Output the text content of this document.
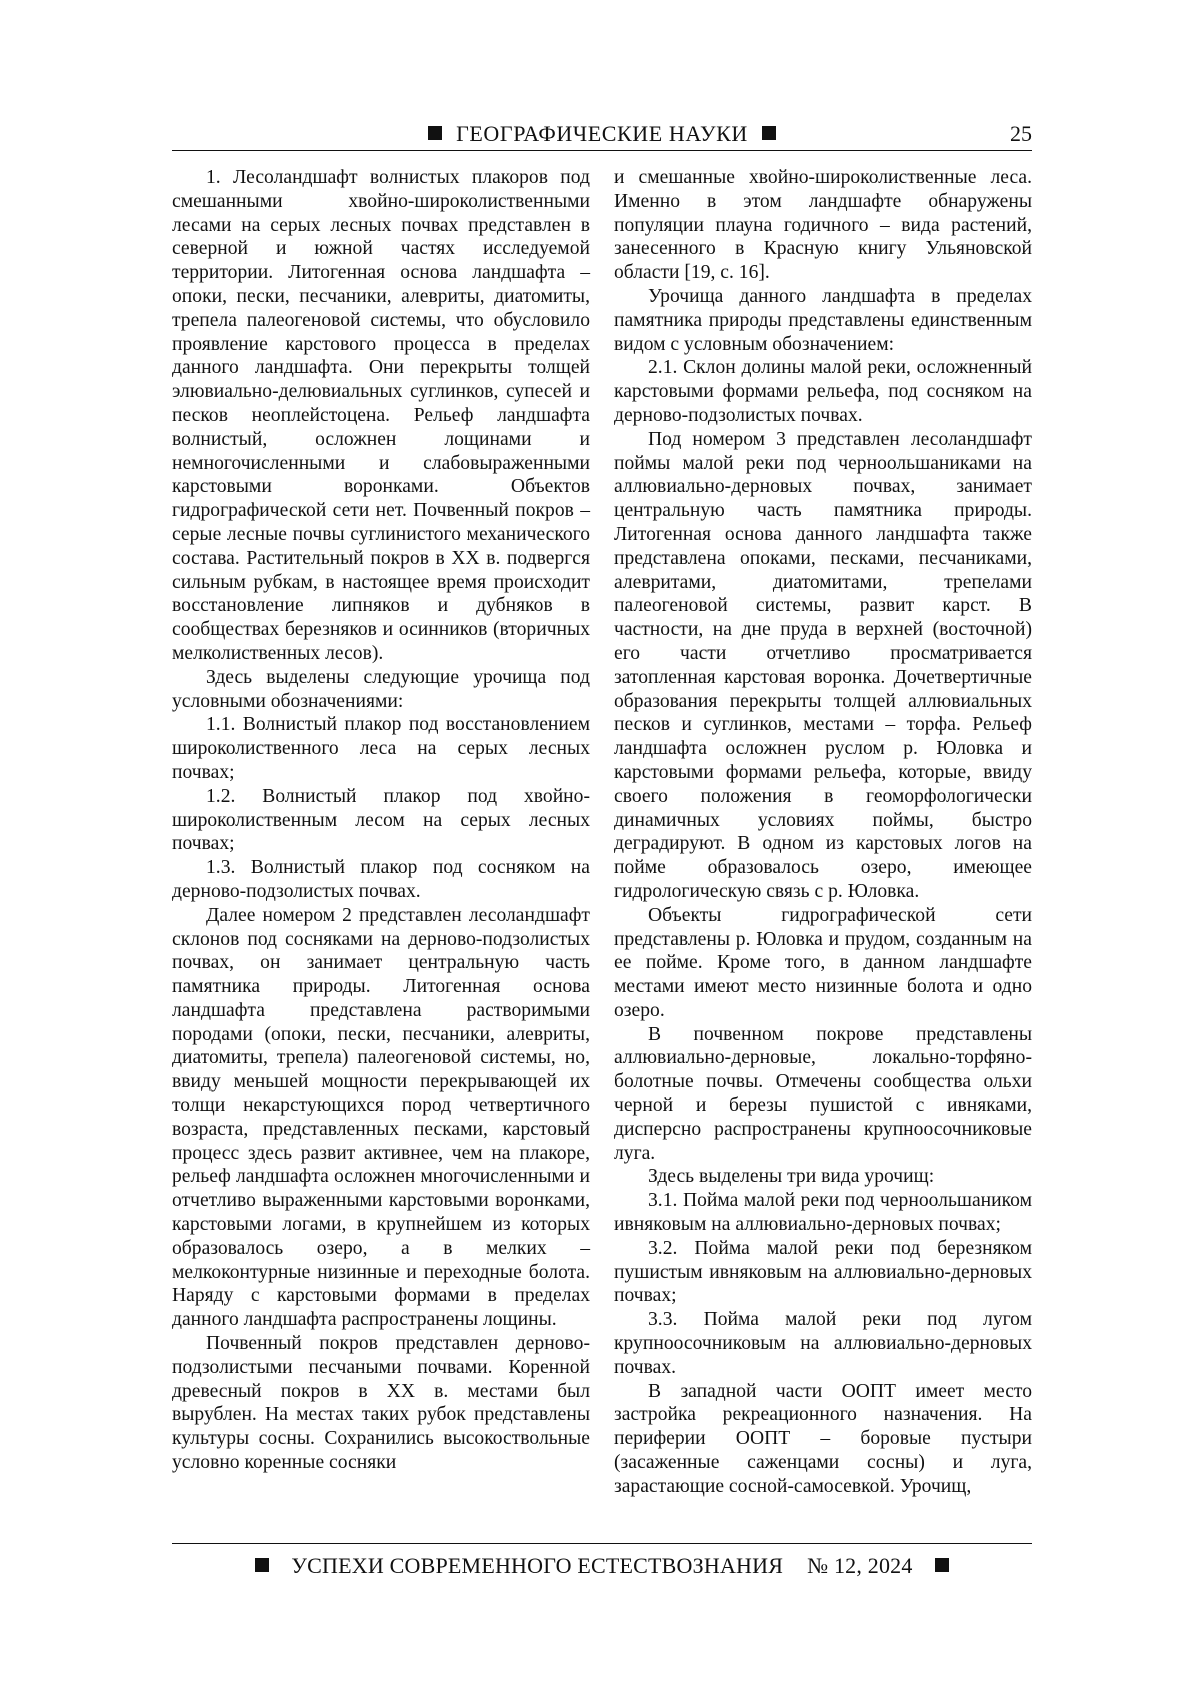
ГЕОГРАФИЧЕСКИЕ НАУКИ	25

1. Лесоландшафт волнистых плакоров под смешанными хвойно-широколиственными лесами на серых лесных почвах представлен в северной и южной частях исследуемой территории. Литогенная основа ландшафта – опоки, пески, песчаники, алевриты, диатомиты, трепела палеогеновой системы, что обусловило проявление карстового процесса в пределах данного ландшафта. Они перекрыты толщей элювиально-делювиальных суглинков, супесей и песков неоплейстоцена. Рельеф ландшафта волнистый, осложнен лощинами и немногочисленными и слабовыраженными карстовыми воронками. Объектов гидрографической сети нет. Почвенный покров – серые лесные почвы суглинистого механического состава. Растительный покров в XX в. подвергся сильным рубкам, в настоящее время происходит восстановление липняков и дубняков в сообществах березняков и осинников (вторичных мелколиственных лесов).

Здесь выделены следующие урочища под условными обозначениями:

1.1. Волнистый плакор под восстановлением широколиственного леса на серых лесных почвах;

1.2. Волнистый плакор под хвойно-широколиственным лесом на серых лесных почвах;

1.3. Волнистый плакор под сосняком на дерново-подзолистых почвах.

Далее номером 2 представлен лесоландшафт склонов под сосняками на дерново-подзолистых почвах, он занимает центральную часть памятника природы. Литогенная основа ландшафта представлена растворимыми породами (опоки, пески, песчаники, алевриты, диатомиты, трепела) палеогеновой системы, но, ввиду меньшей мощности перекрывающей их толщи некарстующихся пород четвертичного возраста, представленных песками, карстовый процесс здесь развит активнее, чем на плакоре, рельеф ландшафта осложнен многочисленными и отчетливо выраженными карстовыми воронками, карстовыми логами, в крупнейшем из которых образовалось озеро, а в мелких – мелкоконтурные низинные и переходные болота. Наряду с карстовыми формами в пределах данного ландшафта распространены лощины.

Почвенный покров представлен дерново-подзолистыми песчаными почвами. Коренной древесный покров в XX в. местами был вырублен. На местах таких рубок представлены культуры сосны. Сохранились высокоствольные условно коренные сосняки

и смешанные хвойно-широколиственные леса. Именно в этом ландшафте обнаружены популяции плауна годичного – вида растений, занесенного в Красную книгу Ульяновской области [19, с. 16].

Урочища данного ландшафта в пределах памятника природы представлены единственным видом с условным обозначением:

2.1. Склон долины малой реки, осложненный карстовыми формами рельефа, под сосняком на дерново-подзолистых почвах.

Под номером 3 представлен лесоландшафт поймы малой реки под черноольшаниками на аллювиально-дерновых почвах, занимает центральную часть памятника природы. Литогенная основа данного ландшафта также представлена опоками, песками, песчаниками, алевритами, диатомитами, трепелами палеогеновой системы, развит карст. В частности, на дне пруда в верхней (восточной) его части отчетливо просматривается затопленная карстовая воронка. Дочетвертичные образования перекрыты толщей аллювиальных песков и суглинков, местами – торфа. Рельеф ландшафта осложнен руслом р. Юловка и карстовыми формами рельефа, которые, ввиду своего положения в геоморфологически динамичных условиях поймы, быстро деградируют. В одном из карстовых логов на пойме образовалось озеро, имеющее гидрологическую связь с р. Юловка.

Объекты гидрографической сети представлены р. Юловка и прудом, созданным на ее пойме. Кроме того, в данном ландшафте местами имеют место низинные болота и одно озеро.

В почвенном покрове представлены аллювиально-дерновые, локально-торфяно-болотные почвы. Отмечены сообщества ольхи черной и березы пушистой с ивняками, дисперсно распространены крупноосочниковые луга.

Здесь выделены три вида урочищ:

3.1. Пойма малой реки под черноольшаником ивняковым на аллювиально-дерновых почвах;

3.2. Пойма малой реки под березняком пушистым ивняковым на аллювиально-дерновых почвах;

3.3. Пойма малой реки под лугом крупноосочниковым на аллювиально-дерновых почвах.

В западной части ООПТ имеет место застройка рекреационного назначения. На периферии ООПТ – боровые пустыри (засаженные саженцами сосны) и луга, зарастающие сосной-самосевкой. Урочищ,

УСПЕХИ СОВРЕМЕННОГО ЕСТЕСТВОЗНАНИЯ № 12, 2024
